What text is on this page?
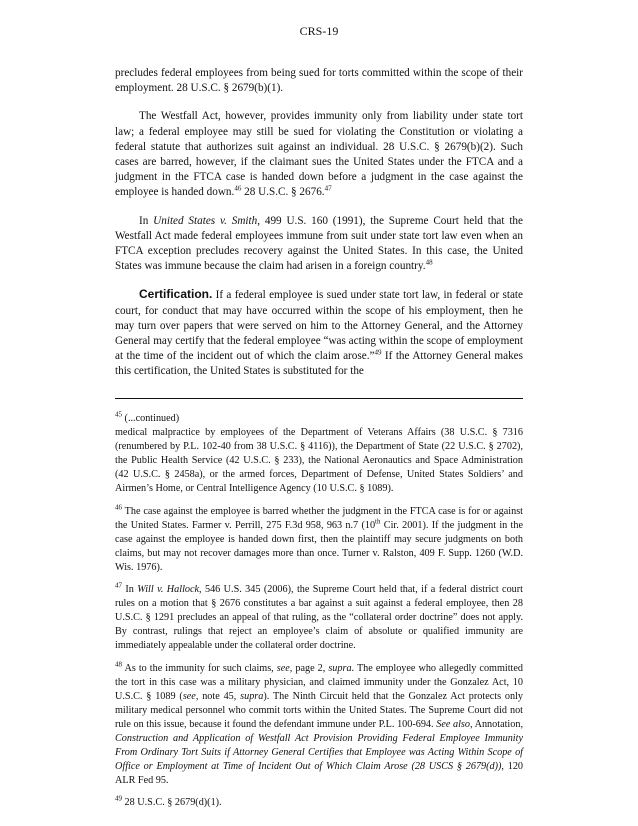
CRS-19

precludes federal employees from being sued for torts committed within the scope of their employment. 28 U.S.C. § 2679(b)(1).

The Westfall Act, however, provides immunity only from liability under state tort law; a federal employee may still be sued for violating the Constitution or violating a federal statute that authorizes suit against an individual. 28 U.S.C. § 2679(b)(2). Such cases are barred, however, if the claimant sues the United States under the FTCA and a judgment in the FTCA case is handed down before a judgment in the case against the employee is handed down.$^{46}$ 28 U.S.C. § 2676.47

In United States v. Smith, 499 U.S. 160 (1991), the Supreme Court held that the Westfall Act made federal employees immune from suit under state tort law even when an FTCA exception precludes recovery against the United States. In this case, the United States was immune because the claim had arisen in a foreign country.$^{48}$

Certification. If a federal employee is sued under state tort law, in federal or state court, for conduct that may have occurred within the scope of his employment, then he may turn over papers that were served on him to the Attorney General, and the Attorney General may certify that the federal employee “was acting within the scope of employment at the time of the incident out of which the claim arose.”$^{49}$ If the Attorney General makes this certification, the United States is substituted for the

$^{45}$ (...continued)

medical malpractice by employees of the Department of Veterans Affairs (38 U.S.C. § 7316 (renumbered by P.L. 102-40 from 38 U.S.C. § 4116)), the Department of State (22 U.S.C. § 2702), the Public Health Service (42 U.S.C. § 233), the National Aeronautics and Space Administration (42 U.S.C. § 2458a), or the armed forces, Department of Defense, United States Soldiers’ and Airmen’s Home, or Central Intelligence Agency (10 U.S.C. § 1089).

$^{46}$ The case against the employee is barred whether the judgment in the FTCA case is for or against the United States. Farmer v. Perrill, 275 F.3d 958, 963 n.7 (10th Cir. 2001). If the judgment in the case against the employee is handed down first, then the plaintiff may secure judgments on both claims, but may not recover damages more than once. Turner v. Ralston, 409 F. Supp. 1260 (W.D. Wis. 1976).

$^{47}$ In Will v. Hallock, 546 U.S. 345 (2006), the Supreme Court held that, if a federal district court rules on a motion that § 2676 constitutes a bar against a suit against a federal employee, then 28 U.S.C. § 1291 precludes an appeal of that ruling, as the “collateral order doctrine” does not apply. By contrast, rulings that reject an employee’s claim of absolute or qualified immunity are immediately appealable under the collateral order doctrine.

$^{48}$ As to the immunity for such claims, see, page 2, supra. The employee who allegedly committed the tort in this case was a military physician, and claimed immunity under the Gonzalez Act, 10 U.S.C. § 1089 (see, note 45, supra). The Ninth Circuit held that the Gonzalez Act protects only military medical personnel who commit torts within the United States. The Supreme Court did not rule on this issue, because it found the defendant immune under P.L. 100-694. See also, Annotation, Construction and Application of Westfall Act Provision Providing Federal Employee Immunity From Ordinary Tort Suits if Attorney General Certifies that Employee was Acting Within Scope of Office or Employment at Time of Incident Out of Which Claim Arose (28 USCS § 2679(d)), 120 ALR Fed 95.

$^{49}$ 28 U.S.C. § 2679(d)(1).
